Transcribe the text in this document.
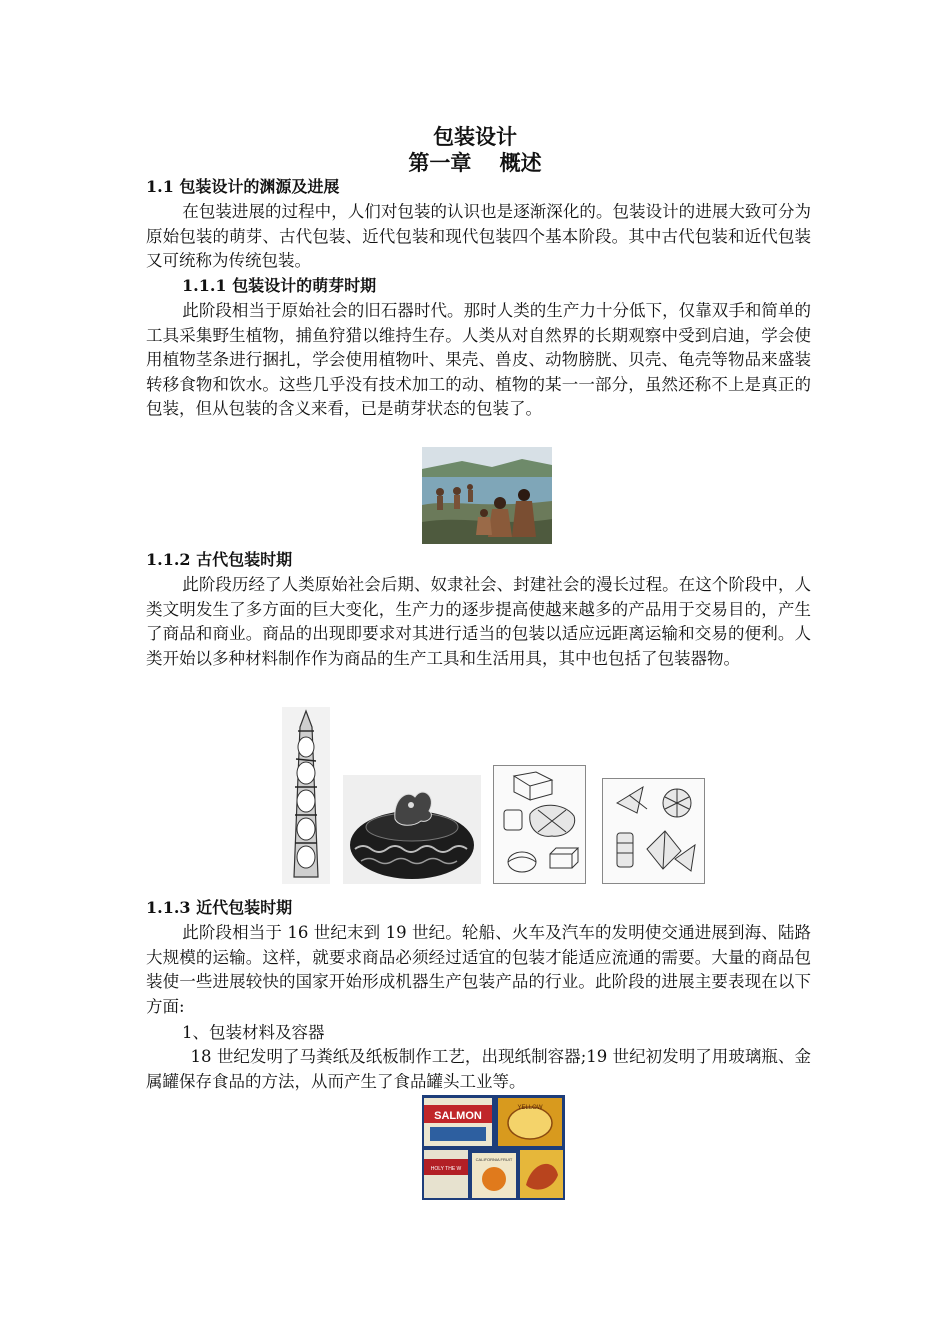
包装设计
第一章　 概述
1.1 包装设计的渊源及进展
在包装进展的过程中，人们对包装的认识也是逐渐深化的。包装设计的进展大致可分为原始包装的萌芽、古代包装、近代包装和现代包装四个基本阶段。其中古代包装和近代包装又可统称为传统包装。
1.1.1 包装设计的萌芽时期
此阶段相当于原始社会的旧石器时代。那时人类的生产力十分低下，仅靠双手和简单的工具采集野生植物，捕鱼狩猎以维持生存。人类从对自然界的长期观察中受到启迪，学会使用植物茎条进行捆扎，学会使用植物叶、果壳、兽皮、动物膀胱、贝壳、龟壳等物品来盛装转移食物和饮水。这些几乎没有技术加工的动、植物的某一一部分，虽然还称不上是真正的包装，但从包装的含义来看，已是萌芽状态的包装了。
1.1.2 古代包装时期
此阶段历经了人类原始社会后期、奴隶社会、封建社会的漫长过程。在这个阶段中，人类文明发生了多方面的巨大变化，生产力的逐步提高使越来越多的产品用于交易目的，产生了商品和商业。商品的出现即要求对其进行适当的包装以适应远距离运输和交易的便利。人类开始以多种材料制作作为商品的生产工具和生活用具，其中也包括了包装器物。
1.1.3 近代包装时期
此阶段相当于 16 世纪末到 19 世纪。轮船、火车及汽车的发明使交通进展到海、陆路大规模的运输。这样，就要求商品必须经过适宜的包装才能适应流通的需要。大量的商品包装使一些进展较快的国家开始形成机器生产包装产品的行业。此阶段的进展主要表现在以下方面:
1、包装材料及容器
18 世纪发明了马粪纸及纸板制作工艺，出现纸制容器;19 世纪初发明了用玻璃瓶、金属罐保存食品的方法，从而产生了食品罐头工业等。
SALMON
YELLOW
HOLY THE W
CALIFORNIA FRUIT
